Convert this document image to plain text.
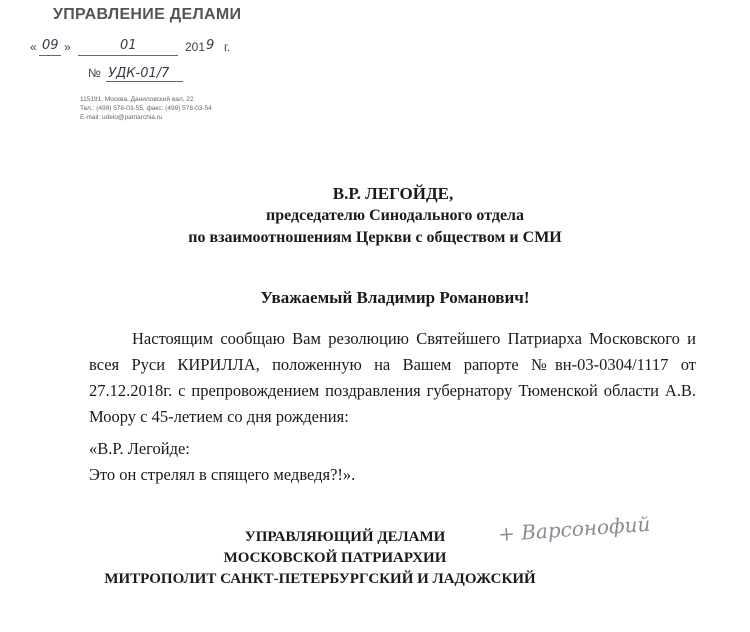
УПРАВЛЕНИЕ ДЕЛАМИ
« 09 »	01	201 9 г.
№ УДК-01/7
115191, Москва, Даниловский вал, 22
Тел.: (499) 578-03-55, факс: (499) 578-03-54
E-mail: udelo@patriarchia.ru
В.Р. ЛЕГОЙДЕ,
председателю Синодального отдела
по взаимоотношениям Церкви с обществом и СМИ
Уважаемый Владимир Романович!
Настоящим сообщаю Вам резолюцию Святейшего Патриарха Московского и всея Руси КИРИЛЛА, положенную на Вашем рапорте №вн-03-0304/1117 от 27.12.2018г. с препровождением поздравления губернатору Тюменской области А.В. Моору с 45-летием со дня рождения:
«В.Р. Легойде:
Это он стрелял в спящего медведя?!».
УПРАВЛЯЮЩИЙ ДЕЛАМИ
МОСКОВСКОЙ ПАТРИАРХИИ
МИТРОПОЛИТ САНКТ-ПЕТЕРБУРГСКИЙ И ЛАДОЖСКИЙ
+ Варсонофий
